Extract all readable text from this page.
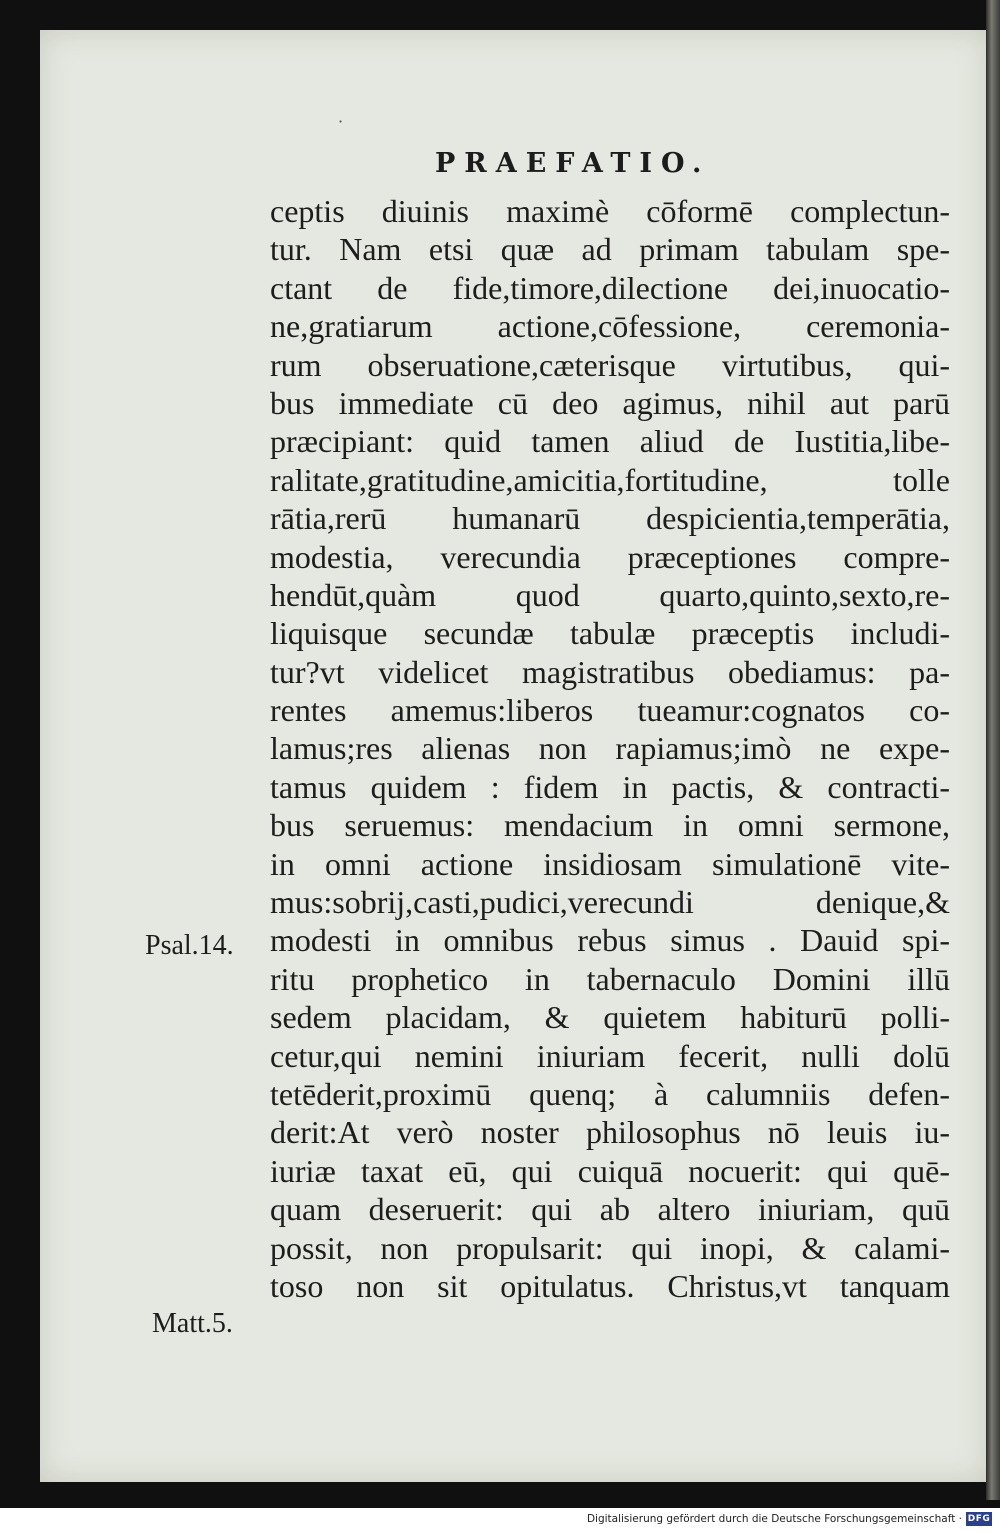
·
PRAEFATIO.
ceptis diuinis maximè cōformē complectun-
tur. Nam etsi quæ ad primam tabulam spe-
ctant de fide,timore,dilectione dei,inuocatio-
ne,gratiarum actione,cōfessione, ceremonia-
rum obseruatione,cæterisque virtutibus, qui-
bus immediate cū deo agimus, nihil aut parū
præcipiant: quid tamen aliud de Iustitia,libe-
ralitate,gratitudine,amicitia,fortitudine, tolle
rātia,rerū humanarū despicientia,temperātia,
modestia, verecundia præceptiones compre-
hendūt,quàm quod quarto,quinto,sexto,re-
liquisque secundæ tabulæ præceptis includi-
tur?vt videlicet magistratibus obediamus: pa-
rentes amemus:liberos tueamur:cognatos co-
lamus;res alienas non rapiamus;imò ne expe-
tamus quidem : fidem in pactis, & contracti-
bus seruemus: mendacium in omni sermone,
in omni actione insidiosam simulationē vite-
mus:sobrij,casti,pudici,verecundi denique,&
modesti in omnibus rebus simus . Dauid spi-
ritu prophetico in tabernaculo Domini illū
sedem placidam, & quietem habiturū polli-
cetur,qui nemini iniuriam fecerit, nulli dolū
tetēderit,proximū quenq; à calumniis defen-
derit:At verò noster philosophus nō leuis iu-
iuriæ taxat eū, qui cuiquā nocuerit: qui quē-
quam deseruerit: qui ab altero iniuriam, quū
possit, non propulsarit: qui inopi, & calami-
toso non sit opitulatus. Christus,vt tanquam
Psal.14.
Matt.5.
Digitalisierung gefördert durch die Deutsche Forschungsgemeinschaft · DFG
